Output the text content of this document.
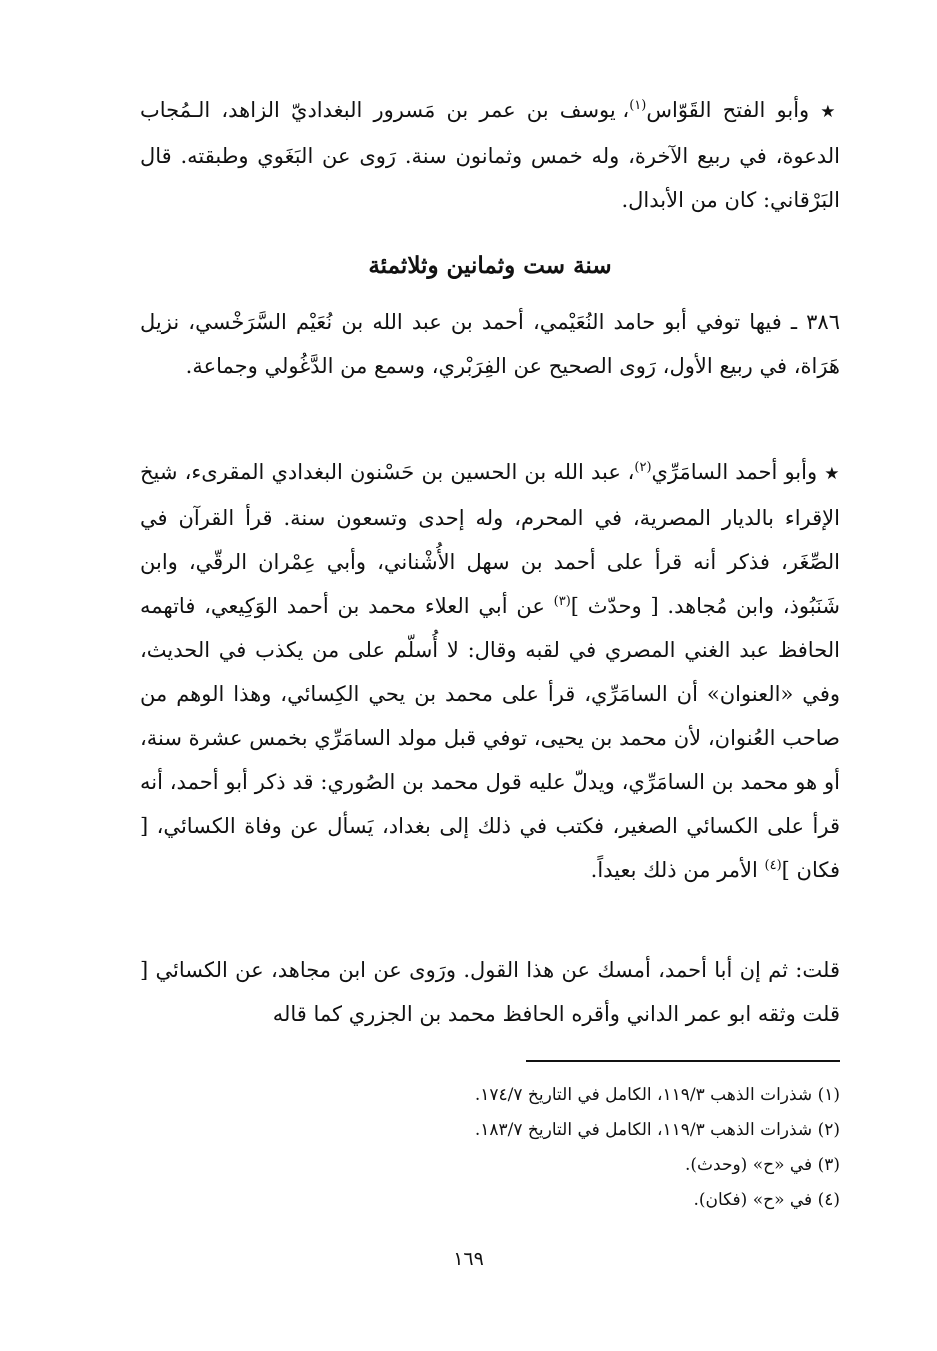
★ وأبو الفتح القَوّاس$^{(١)}$، يوسف بن عمر بن مَسرور البغداديّ الزاهد، الـمُجاب الدعوة، في ربيع الآخرة، وله خمس وثمانون سنة. رَوى عن البَغَوي وطبقته. قال البَرْقاني: كان من الأبدال.

سنة ست وثمانين وثلاثمئة

٣٨٦ ـ فيها توفي أبو حامد النُعَيْمي، أحمد بن عبد الله بن نُعَيْم السَّرَخْسي، نزيل هَرَاة، في ربيع الأول، رَوى الصحيح عن الفِرَبْري، وسمع من الدَّغُولي وجماعة.

★ وأبو أحمد السامَرِّي$^{(٢)}$، عبد الله بن الحسين بن حَسْنون البغدادي المقرىء، شيخ الإقراء بالديار المصرية، في المحرم، وله إحدى وتسعون سنة. قرأ القرآن في الصِّغَر، فذكر أنه قرأ على أحمد بن سهل الأُشْناني، وأبي عِمْران الرقّي، وابن شَنَبُوذ، وابن مُجاهد. [ وحدّث ]$^{(٣)}$ عن أبي العلاء محمد بن أحمد الوَكِيعي، فاتهمه الحافظ عبد الغني المصري في لقبه وقال: لا أُسلّم على من يكذب في الحديث، وفي «العنوان» أن السامَرِّي، قرأ على محمد بن يحي الكِسائي، وهذا الوهم من صاحب العُنوان، لأن محمد بن يحيى، توفي قبل مولد السامَرِّي بخمس عشرة سنة، أو هو محمد بن السامَرِّي، ويدلّ عليه قول محمد بن الصُوري: قد ذكر أبو أحمد، أنه قرأ على الكسائي الصغير، فكتب في ذلك إلى بغداد، يَسأل عن وفاة الكسائي، [ فكان ]$^{(٤)}$ الأمر من ذلك بعيداً.

قلت: ثم إن أبا أحمد، أمسك عن هذا القول. ورَوى عن ابن مجاهد، عن الكسائي [ قلت وثقه ابو عمر الداني وأقره الحافظ محمد بن الجزري كما قاله

(١) شذرات الذهب ١١٩/٣، الكامل في التاريخ ١٧٤/٧.
(٢) شذرات الذهب ١١٩/٣، الكامل في التاريخ ١٨٣/٧.
(٣) في «ح» (وحدث).
(٤) في «ح» (فكان).
١٦٩
